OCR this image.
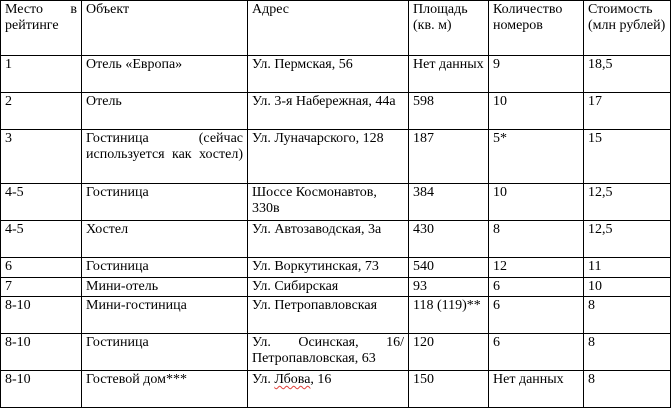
Место в рейтинге	Объект	Адрес	Площадь (кв. м)	Количество номеров	Стоимость (млн рублей)
1	Отель «Европа»	Ул. Пермская, 56	Нет данных	9	18,5
2	Отель	Ул. 3-я Набережная, 44а	598	10	17
3	Гостиница (сейчас используется как хостел)	Ул. Луначарского, 128	187	5*	15
4-5	Гостиница	Шоссе Космонавтов, 330в	384	10	12,5
4-5	Хостел	Ул. Автозаводская, 3а	430	8	12,5
6	Гостиница	Ул. Воркутинская, 73	540	12	11
7	Мини-отель	Ул. Сибирская	93	6	10
8-10	Мини-гостиница	Ул. Петропавловская	118 (119)**	6	8
8-10	Гостиница	Ул. Осинская, 16/ Петропавловская, 63	120	6	8
8-10	Гостевой дом***	Ул. Лбова, 16	150	Нет данных	8
